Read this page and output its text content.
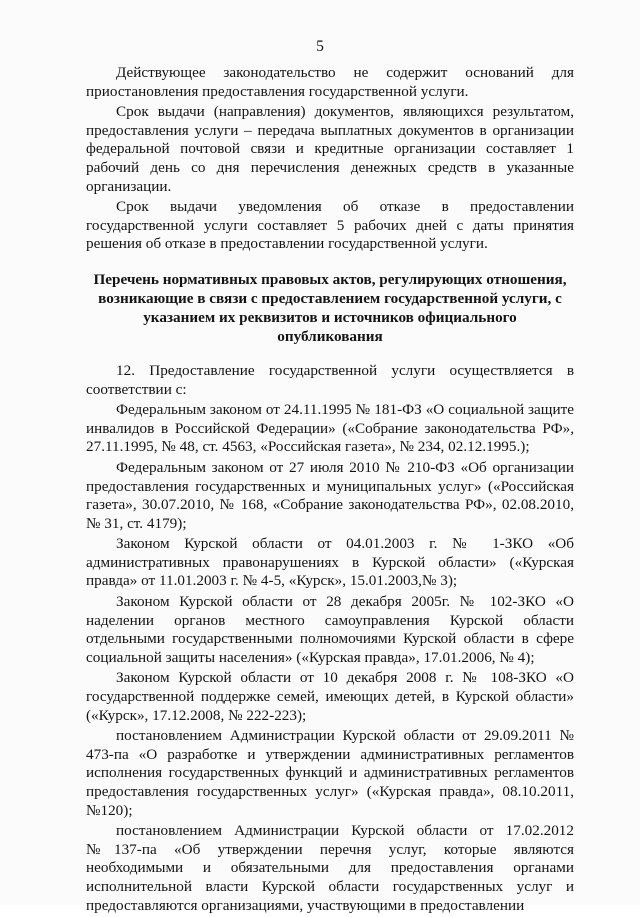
5

Действующее законодательство не содержит оснований для приостановления предоставления государственной услуги.

Срок выдачи (направления) документов, являющихся результатом, предоставления услуги – передача выплатных документов в организации федеральной почтовой связи и кредитные организации составляет 1 рабочий день со дня перечисления денежных средств в указанные организации.

Срок выдачи уведомления об отказе в предоставлении государственной услуги составляет 5 рабочих дней с даты принятия решения об отказе в предоставлении государственной услуги.

Перечень нормативных правовых актов, регулирующих отношения, возникающие в связи с предоставлением государственной услуги, с указанием их реквизитов и источников официального опубликования

12. Предоставление государственной услуги осуществляется в соответствии с:

Федеральным законом от 24.11.1995 № 181-ФЗ «О социальной защите инвалидов в Российской Федерации» («Собрание законодательства РФ», 27.11.1995, № 48, ст. 4563, «Российская газета», № 234, 02.12.1995.);

Федеральным законом от 27 июля 2010 № 210-ФЗ «Об организации предоставления государственных и муниципальных услуг» («Российская газета», 30.07.2010, № 168, «Собрание законодательства РФ», 02.08.2010, № 31, ст. 4179);

Законом Курской области от 04.01.2003 г. № 1-ЗКО «Об административных правонарушениях в Курской области» («Курская правда» от 11.01.2003 г. № 4-5, «Курск», 15.01.2003,№ 3);

Законом Курской области от 28 декабря 2005г. № 102-ЗКО «О наделении органов местного самоуправления Курской области отдельными государственными полномочиями Курской области в сфере социальной защиты населения» («Курская правда», 17.01.2006, № 4);

Законом Курской области от 10 декабря 2008 г. № 108-ЗКО «О государственной поддержке семей, имеющих детей, в Курской области» («Курск», 17.12.2008, № 222-223);

постановлением Администрации Курской области от 29.09.2011 № 473-па «О разработке и утверждении административных регламентов исполнения государственных функций и административных регламентов предоставления государственных услуг» («Курская правда», 08.10.2011, №120);

постановлением Администрации Курской области от 17.02.2012 №137-па «Об утверждении перечня услуг, которые являются необходимыми и обязательными для предоставления органами исполнительной власти Курской области государственных услуг и предоставляются организациями, участвующими в предоставлении
